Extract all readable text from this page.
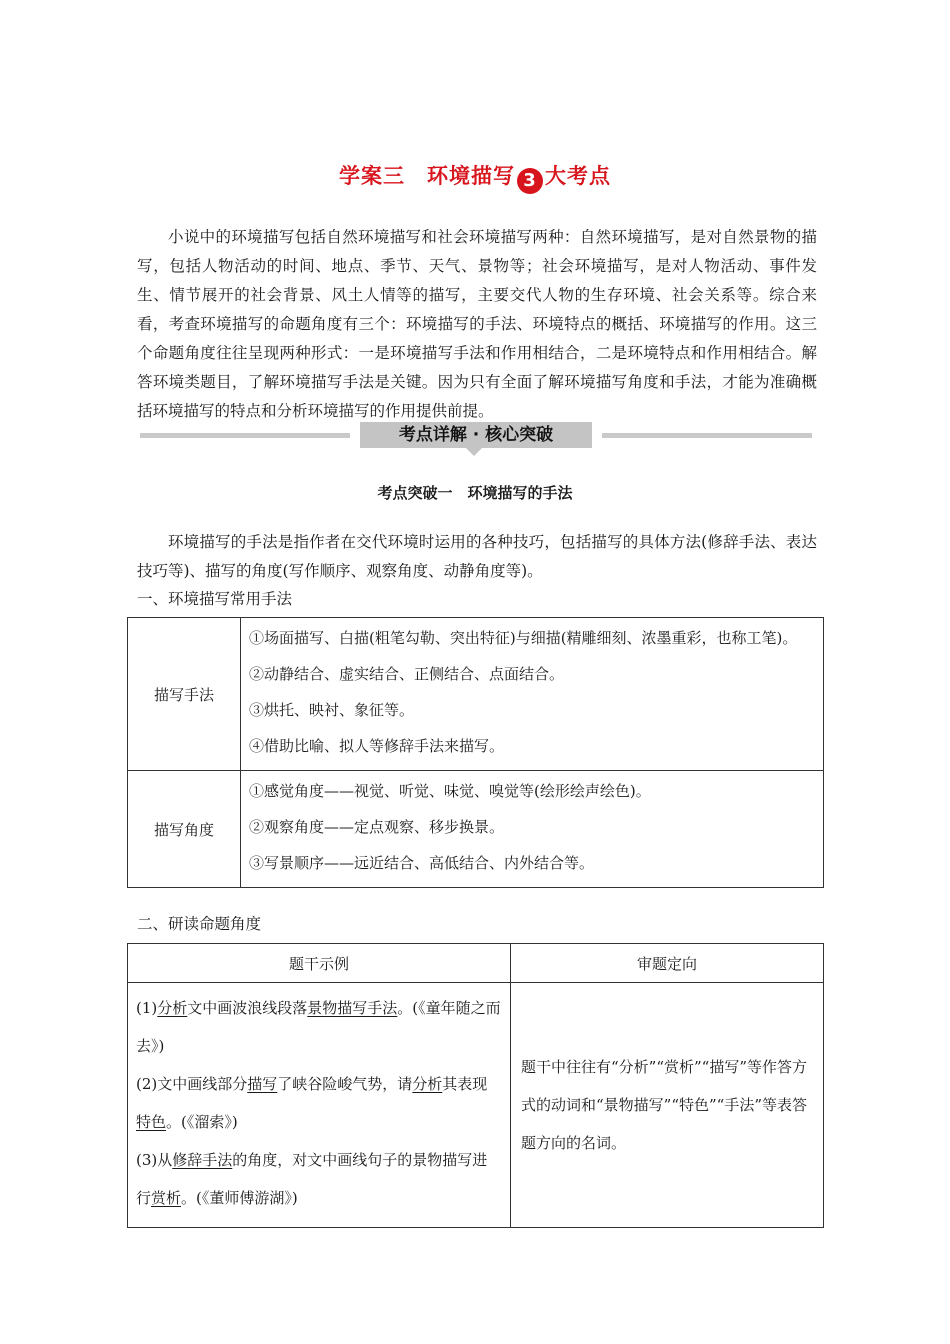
学案三 环境描写 3 大考点

小说中的环境描写包括自然环境描写和社会环境描写两种：自然环境描写，是对自然景物的描写，包括人物活动的时间、地点、季节、天气、景物等；社会环境描写，是对人物活动、事件发生、情节展开的社会背景、风土人情等的描写，主要交代人物的生存环境、社会关系等。综合来看，考查环境描写的命题角度有三个：环境描写的手法、环境特点的概括、环境描写的作用。这三个命题角度往往呈现两种形式：一是环境描写手法和作用相结合，二是环境特点和作用相结合。解答环境类题目，了解环境描写手法是关键。因为只有全面了解环境描写角度和手法，才能为准确概括环境描写的特点和分析环境描写的作用提供前提。

考点详解 · 核心突破
考点突破一　环境描写的手法

环境描写的手法是指作者在交代环境时运用的各种技巧，包括描写的具体方法(修辞手法、表达技巧等)、描写的角度(写作顺序、观察角度、动静角度等)。

一、环境描写常用手法
描写手法	①场面描写、白描(粗笔勾勒、突出特征)与细描(精雕细刻、浓墨重彩，也称工笔)。
②动静结合、虚实结合、正侧结合、点面结合。
③烘托、映衬、象征等。
④借助比喻、拟人等修辞手法来描写。

描写角度	①感觉角度——视觉、听觉、味觉、嗅觉等(绘形绘声绘色)。
②观察角度——定点观察、移步换景。
③写景顺序——远近结合、高低结合、内外结合等。
二、研读命题角度
题干示例	审题定向

(1)分析文中画波浪线段落景物描写手法。(《童年随之而去》)
(2)文中画线部分描写了峡谷险峻气势，请分析其表现特色。(《溜索》)
(3)从修辞手法的角度，对文中画线句子的景物描写进行赏析。(《董师傅游湖》)	题干中往往有“分析”“赏析”“描写”等作答方式的动词和“景物描写”“特色”“手法”等表答题方向的名词。
